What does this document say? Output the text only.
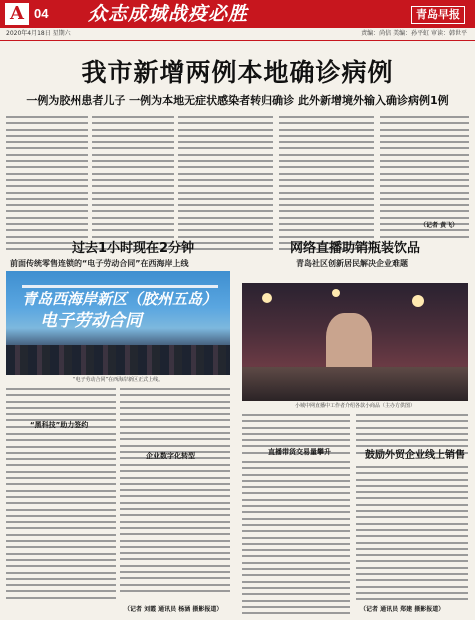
A 04 众志成城战疫必胜	青岛早报
2020年4月18日 星期六	责编：尚信 美编：孙平虹 审读：韩世平
我市新增两例本地确诊病例
一例为胶州患者儿子 一例为本地无症状感染者转归确诊 此外新增境外输入确诊病例1例
（记者 黄飞）
过去1小时现在2分钟
前面传统零售连锁的“电子劳动合同”在西海岸上线
青岛西海岸新区（胶州五岛）
电子劳动合同
“电子劳动合同”在西海岸新区正式上线。
“黑科技”助力签约
企业数字化转型
（记者 刘霞 通讯员 杨涵 摄影报道）
网络直播助销瓶装饮品
青岛社区创新居民解决企业难题
小城中网直播中工作者介绍各款小商品（主办方供图）
直播带货交易量攀升	鼓励外贸企业线上销售
（记者 通讯员 郑建 摄影报道）
